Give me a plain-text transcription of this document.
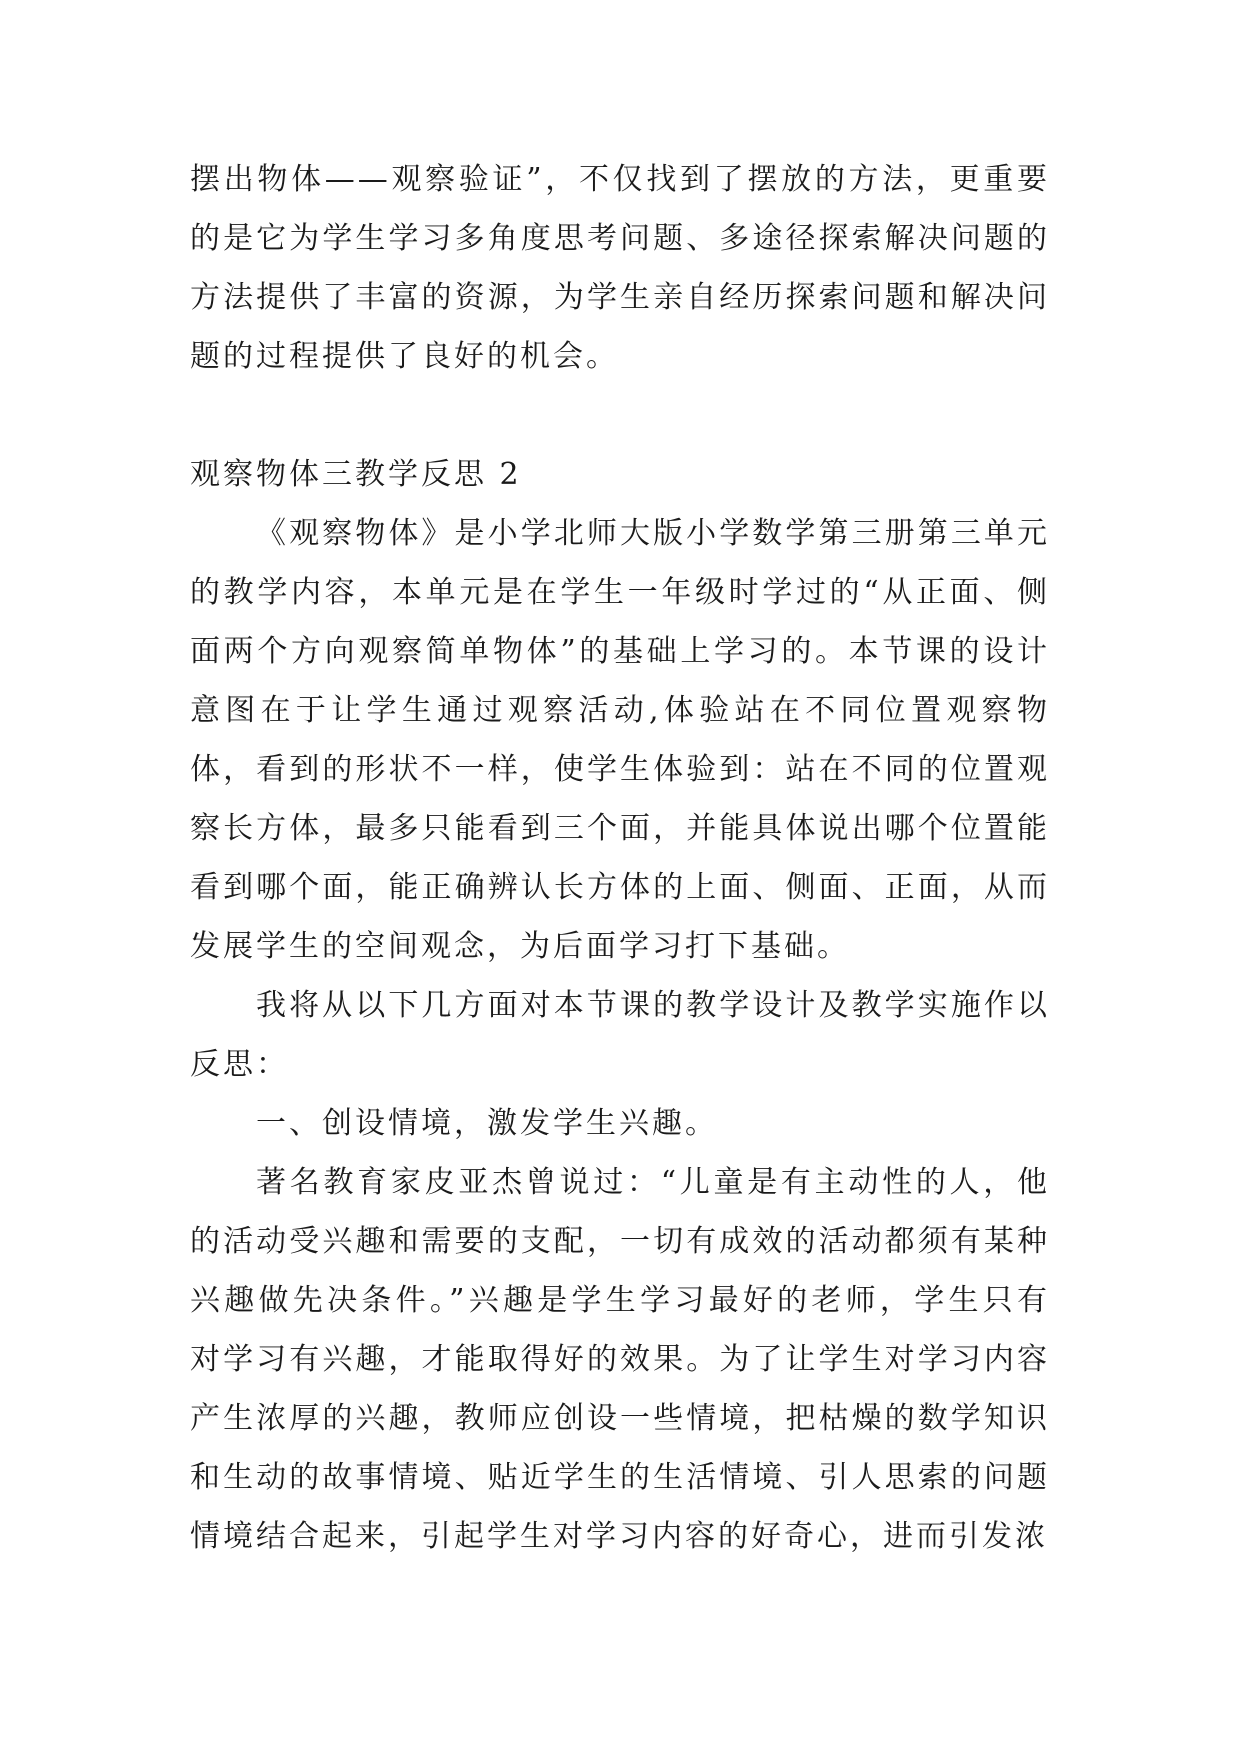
摆出物体——观察验证”，不仅找到了摆放的方法，更重要的是它为学生学习多角度思考问题、多途径探索解决问题的方法提供了丰富的资源，为学生亲自经历探索问题和解决问题的过程提供了良好的机会。

观察物体三教学反思 2

《观察物体》是小学北师大版小学数学第三册第三单元的教学内容，本单元是在学生一年级时学过的“从正面、侧面两个方向观察简单物体”的基础上学习的。本节课的设计意图在于让学生通过观察活动,体验站在不同位置观察物体，看到的形状不一样，使学生体验到：站在不同的位置观察长方体，最多只能看到三个面，并能具体说出哪个位置能看到哪个面，能正确辨认长方体的上面、侧面、正面，从而发展学生的空间观念，为后面学习打下基础。

我将从以下几方面对本节课的教学设计及教学实施作以反思：

一、创设情境，激发学生兴趣。

著名教育家皮亚杰曾说过：“儿童是有主动性的人，他的活动受兴趣和需要的支配，一切有成效的活动都须有某种兴趣做先决条件。”兴趣是学生学习最好的老师，学生只有对学习有兴趣，才能取得好的效果。为了让学生对学习内容产生浓厚的兴趣，教师应创设一些情境，把枯燥的数学知识和生动的故事情境、贴近学生的生活情境、引人思索的问题情境结合起来，引起学生对学习内容的好奇心，进而引发浓
